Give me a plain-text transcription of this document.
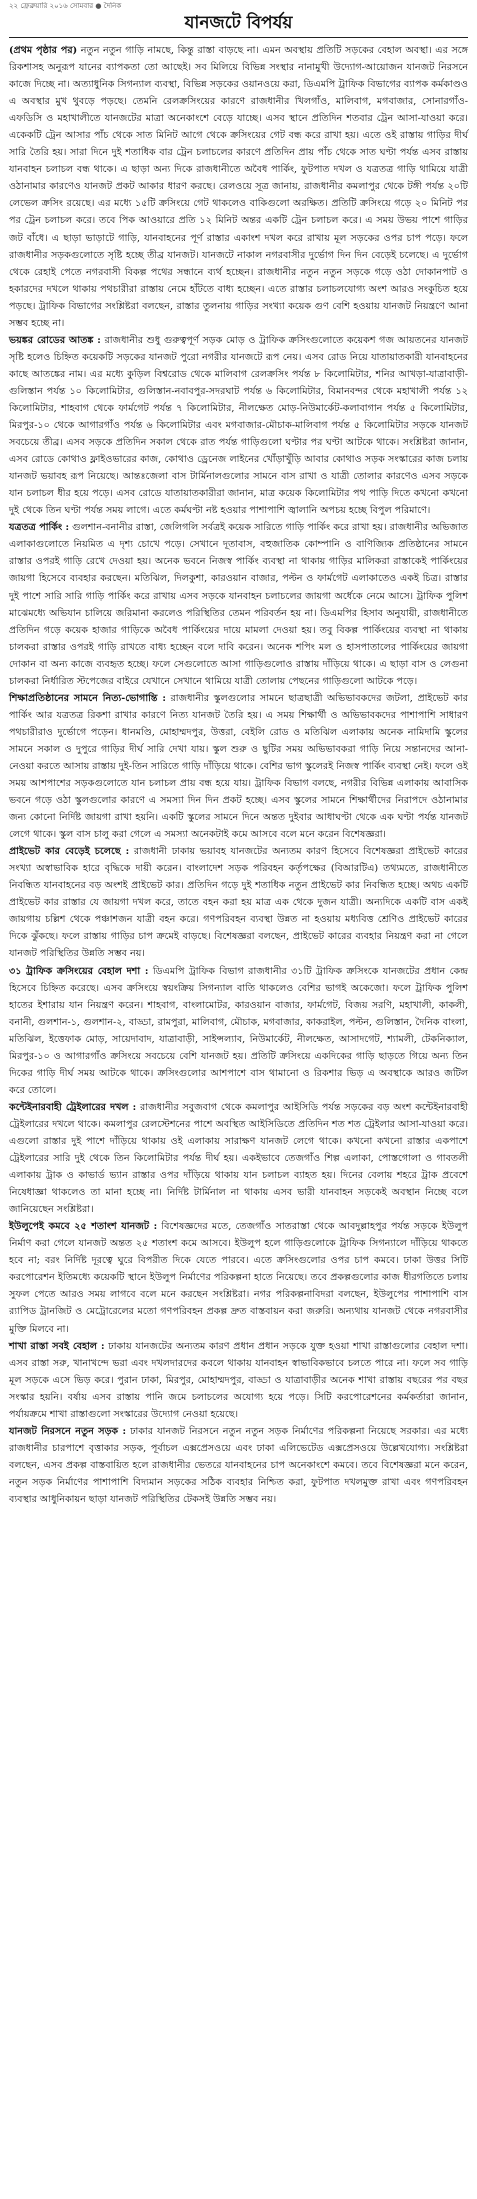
২২ ফ্রেব্রুয়ারি ২০১৬ সোমবার ● দৈনিক
যানজটে বিপর্যয়

(প্রথম পৃষ্ঠার পর) নতুন নতুন গাড়ি নামছে, কিন্তু রাস্তা বাড়ছে না। এমন অবস্থায় প্রতিটি সড়কের বেহাল অবস্থা। এর সঙ্গে রিকশাসহ অনুরূপ যানের ব্যাপকতা তো আছেই। সব মিলিয়ে বিভিন্ন সংস্থার নানামুখী উদ্যোগ-আয়োজন যানজট নিরসনে কাজে দিচ্ছে না। অত্যাধুনিক সিগন্যাল ব্যবস্থা, বিভিন্ন সড়কের ওয়ানওয়ে করা, ডিএমপি ট্রাফিক বিভাগের ব্যাপক কর্মকাণ্ডও এ অবস্থার মুখ থুবড়ে পড়ছে। তেমনি রেলক্রসিংয়ের কারণে রাজধানীর খিলগাঁও, মালিবাগ, মগবাজার, সোনারগাঁও-এফডিসি ও মহাখালীতে যানজটের মাত্রা অনেকাংশে বেড়ে যাচ্ছে। এসব স্থানে প্রতিদিন শতবার ট্রেন আসা-যাওয়া করে। একেকটি ট্রেন আসার পাঁচ থেকে সাত মিনিট আগে থেকে ক্রসিংয়ের গেট বন্ধ করে রাখা হয়। এতে ওই রাস্তায় গাড়ির দীর্ঘ সারি তৈরি হয়। সারা দিনে দুই শতাধিক বার ট্রেন চলাচলের কারণে প্রতিদিন প্রায় পাঁচ থেকে সাত ঘণ্টা পর্যন্ত এসব রাস্তায় যানবাহন চলাচল বন্ধ থাকে। এ ছাড়া অন্য দিকে রাজধানীতে অবৈধ পার্কিং, ফুটপাত দখল ও যত্রতত্র গাড়ি থামিয়ে যাত্রী ওঠানামার কারণেও যানজট প্রকট আকার ধারণ করছে। রেলওয়ে সূত্র জানায়, রাজধানীর কমলাপুর থেকে টঙ্গী পর্যন্ত ২০টি লেভেল ক্রসিং রয়েছে। এর মধ্যে ১৫টি ক্রসিংয়ে গেট থাকলেও বাকিগুলো অরক্ষিত। প্রতিটি ক্রসিংয়ে গড়ে ২০ মিনিট পর পর ট্রেন চলাচল করে। তবে পিক আওয়ারে প্রতি ১২ মিনিট অন্তর একটি ট্রেন চলাচল করে। এ সময় উভয় পাশে গাড়ির জট বাঁধে। এ ছাড়া ভাড়াটে গাড়ি, যানবাহনের পূর্ণ রাস্তার একাংশ দখল করে রাখায় মূল সড়কের ওপর চাপ পড়ে। ফলে রাজধানীর সড়কগুলোতে সৃষ্টি হচ্ছে তীব্র যানজট। যানজটে নাকাল নগরবাসীর দুর্ভোগ দিন দিন বেড়েই চলেছে। এ দুর্ভোগ থেকে রেহাই পেতে নগরবাসী বিকল্প পথের সন্ধানে ব্যর্থ হচ্ছেন। রাজধানীর নতুন নতুন সড়কে গড়ে ওঠা দোকানপাট ও হকারদের দখলে থাকায় পথচারীরা রাস্তায় নেমে হাঁটতে বাধ্য হচ্ছেন। এতে রাস্তার চলাচলযোগ্য অংশ আরও সংকুচিত হয়ে পড়ছে। ট্রাফিক বিভাগের সংশ্লিষ্টরা বলছেন, রাস্তার তুলনায় গাড়ির সংখ্যা কয়েক গুণ বেশি হওয়ায় যানজট নিয়ন্ত্রণে আনা সম্ভব হচ্ছে না।

ভয়ঙ্কর রোডের আতঙ্ক : রাজধানীর শুধু গুরুত্বপূর্ণ সড়ক মোড় ও ট্রাফিক ক্রসিংগুলোতে কয়েকশ গজ আয়তনের যানজট সৃষ্টি হলেও চিহ্নিত কয়েকটি সড়কের যানজট পুরো নগরীর যানজটে রূপ নেয়। এসব রোড নিয়ে যাতায়াতকারী যানবাহনের কাছে আতঙ্কের নাম। এর মধ্যে কুড়িল বিশ্বরোড থেকে মালিবাগ রেলক্রসিং পর্যন্ত ৮ কিলোমিটার, শনির আখড়া-যাত্রাবাড়ী-গুলিস্তান পর্যন্ত ১০ কিলোমিটার, গুলিস্তান-নবাবপুর-সদরঘাট পর্যন্ত ৬ কিলোমিটার, বিমানবন্দর থেকে মহাখালী পর্যন্ত ১২ কিলোমিটার, শাহবাগ থেকে ফার্মগেট পর্যন্ত ৭ কিলোমিটার, নীলক্ষেত মোড়-নিউমার্কেট-কলাবাগান পর্যন্ত ৫ কিলোমিটার, মিরপুর-১০ থেকে আগারগাঁও পর্যন্ত ৬ কিলোমিটার এবং মগবাজার-মৌচাক-মালিবাগ পর্যন্ত ৫ কিলোমিটার সড়কে যানজট সবচেয়ে তীব্র। এসব সড়কে প্রতিদিন সকাল থেকে রাত পর্যন্ত গাড়িগুলো ঘণ্টার পর ঘণ্টা আটকে থাকে। সংশ্লিষ্টরা জানান, এসব রোডে কোথাও ফ্লাইওভারের কাজ, কোথাও ড্রেনেজ লাইনের খোঁড়াখুঁড়ি আবার কোথাও সড়ক সংস্কারের কাজ চলায় যানজট ভয়াবহ রূপ নিয়েছে। আন্তঃজেলা বাস টার্মিনালগুলোর সামনে বাস রাখা ও যাত্রী তোলার কারণেও এসব সড়কে যান চলাচল ধীর হয়ে পড়ে। এসব রোডে যাতায়াতকারীরা জানান, মাত্র কয়েক কিলোমিটার পথ পাড়ি দিতে কখনো কখনো দুই থেকে তিন ঘণ্টা পর্যন্ত সময় লাগে। এতে কর্মঘণ্টা নষ্ট হওয়ার পাশাপাশি জ্বালানি অপচয় হচ্ছে বিপুল পরিমাণে।

যত্রতত্র পার্কিং : গুলশান-বনানীর রাস্তা, জেলিগলি সর্বত্রই কয়েক সারিতে গাড়ি পার্কিং করে রাখা হয়। রাজধানীর অভিজাত এলাকাগুলোতে নিয়মিত এ দৃশ্য চোখে পড়ে। সেখানে দূতাবাস, বহুজাতিক কোম্পানি ও বাণিজ্যিক প্রতিষ্ঠানের সামনে রাস্তার ওপরই গাড়ি রেখে দেওয়া হয়। অনেক ভবনে নিজস্ব পার্কিং ব্যবস্থা না থাকায় গাড়ির মালিকরা রাস্তাকেই পার্কিংয়ের জায়গা হিসেবে ব্যবহার করছেন। মতিঝিল, দিলকুশা, কারওয়ান বাজার, পল্টন ও ফার্মগেট এলাকাতেও একই চিত্র। রাস্তার দুই পাশে সারি সারি গাড়ি পার্কিং করে রাখায় এসব সড়কে যানবাহন চলাচলের জায়গা অর্ধেকে নেমে আসে। ট্রাফিক পুলিশ মাঝেমধ্যে অভিযান চালিয়ে জরিমানা করলেও পরিস্থিতির তেমন পরিবর্তন হয় না। ডিএমপির হিসাব অনুযায়ী, রাজধানীতে প্রতিদিন গড়ে কয়েক হাজার গাড়িকে অবৈধ পার্কিংয়ের দায়ে মামলা দেওয়া হয়। তবু বিকল্প পার্কিংয়ের ব্যবস্থা না থাকায় চালকরা রাস্তার ওপরই গাড়ি রাখতে বাধ্য হচ্ছেন বলে দাবি করেন। অনেক শপিং মল ও হাসপাতালের পার্কিংয়ের জায়গা দোকান বা অন্য কাজে ব্যবহৃত হচ্ছে। ফলে সেগুলোতে আসা গাড়িগুলোও রাস্তায় দাঁড়িয়ে থাকে। এ ছাড়া বাস ও লেগুনা চালকরা নির্ধারিত স্টপেজের বাইরে যেখানে সেখানে থামিয়ে যাত্রী তোলায় পেছনের গাড়িগুলো আটকে পড়ে।

শিক্ষাপ্রতিষ্ঠানের সামনে নিত্য-ভোগান্তি : রাজধানীর স্কুলগুলোর সামনে ছাত্রছাত্রী অভিভাবকদের জটলা, প্রাইভেট কার পার্কিং আর যত্রতত্র রিকশা রাখার কারণে নিত্য যানজট তৈরি হয়। এ সময় শিক্ষার্থী ও অভিভাবকদের পাশাপাশি সাধারণ পথচারীরাও দুর্ভোগে পড়েন। ধানমণ্ডি, মোহাম্মদপুর, উত্তরা, বেইলি রোড ও মতিঝিল এলাকায় অনেক নামিদামি স্কুলের সামনে সকাল ও দুপুরে গাড়ির দীর্ঘ সারি দেখা যায়। স্কুল শুরু ও ছুটির সময় অভিভাবকরা গাড়ি নিয়ে সন্তানদের আনা-নেওয়া করতে আসায় রাস্তায় দুই-তিন সারিতে গাড়ি দাঁড়িয়ে থাকে। বেশির ভাগ স্কুলেরই নিজস্ব পার্কিং ব্যবস্থা নেই। ফলে ওই সময় আশপাশের সড়কগুলোতে যান চলাচল প্রায় বন্ধ হয়ে যায়। ট্রাফিক বিভাগ বলছে, নগরীর বিভিন্ন এলাকায় আবাসিক ভবনে গড়ে ওঠা স্কুলগুলোর কারণে এ সমস্যা দিন দিন প্রকট হচ্ছে। এসব স্কুলের সামনে শিক্ষার্থীদের নিরাপদে ওঠানামার জন্য কোনো নির্দিষ্ট জায়গা রাখা হয়নি। একটি স্কুলের সামনে দিনে অন্তত দুইবার আধাঘণ্টা থেকে এক ঘণ্টা পর্যন্ত যানজট লেগে থাকে। স্কুল বাস চালু করা গেলে এ সমস্যা অনেকটাই কমে আসবে বলে মনে করেন বিশেষজ্ঞরা।

প্রাইভেট কার বেড়েই চলেছে : রাজধানী ঢাকায় ভয়াবহ যানজটের অন্যতম কারণ হিসেবে বিশেষজ্ঞরা প্রাইভেট কারের সংখ্যা অস্বাভাবিক হারে বৃদ্ধিকে দায়ী করেন। বাংলাদেশ সড়ক পরিবহন কর্তৃপক্ষের (বিআরটিএ) তথ্যমতে, রাজধানীতে নিবন্ধিত যানবাহনের বড় অংশই প্রাইভেট কার। প্রতিদিন গড়ে দুই শতাধিক নতুন প্রাইভেট কার নিবন্ধিত হচ্ছে। অথচ একটি প্রাইভেট কার রাস্তার যে জায়গা দখল করে, তাতে বহন করা হয় মাত্র এক থেকে দুজন যাত্রী। অন্যদিকে একটি বাস একই জায়গায় চল্লিশ থেকে পঞ্চাশজন যাত্রী বহন করে। গণপরিবহন ব্যবস্থা উন্নত না হওয়ায় মধ্যবিত্ত শ্রেণিও প্রাইভেট কারের দিকে ঝুঁকছে। ফলে রাস্তায় গাড়ির চাপ ক্রমেই বাড়ছে। বিশেষজ্ঞরা বলছেন, প্রাইভেট কারের ব্যবহার নিয়ন্ত্রণ করা না গেলে যানজট পরিস্থিতির উন্নতি সম্ভব নয়।

৩১ ট্রাফিক ক্রসিংয়ের বেহাল দশা : ডিএমপি ট্রাফিক বিভাগ রাজধানীর ৩১টি ট্রাফিক ক্রসিংকে যানজটের প্রধান কেন্দ্র হিসেবে চিহ্নিত করেছে। এসব ক্রসিংয়ে স্বয়ংক্রিয় সিগন্যাল বাতি থাকলেও বেশির ভাগই অকেজো। ফলে ট্রাফিক পুলিশ হাতের ইশারায় যান নিয়ন্ত্রণ করেন। শাহবাগ, বাংলামোটর, কারওয়ান বাজার, ফার্মগেট, বিজয় সরণি, মহাখালী, কাকলী, বনানী, গুলশান-১, গুলশান-২, বাড্ডা, রামপুরা, মালিবাগ, মৌচাক, মগবাজার, কাকরাইল, পল্টন, গুলিস্তান, দৈনিক বাংলা, মতিঝিল, ইত্তেফাক মোড়, সায়েদাবাদ, যাত্রাবাড়ী, সাইন্সল্যাব, নিউমার্কেট, নীলক্ষেত, আসাদগেট, শ্যামলী, টেকনিক্যাল, মিরপুর-১০ ও আগারগাঁও ক্রসিংয়ে সবচেয়ে বেশি যানজট হয়। প্রতিটি ক্রসিংয়ে একদিকের গাড়ি ছাড়তে গিয়ে অন্য তিন দিকের গাড়ি দীর্ঘ সময় আটকে থাকে। ক্রসিংগুলোর আশপাশে বাস থামানো ও রিকশার ভিড় এ অবস্থাকে আরও জটিল করে তোলে।

কন্টেইনারবাহী ট্রেইলারের দখল : রাজধানীর সবুজবাগ থেকে কমলাপুর আইসিডি পর্যন্ত সড়কের বড় অংশ কন্টেইনারবাহী ট্রেইলারের দখলে থাকে। কমলাপুর রেলস্টেশনের পাশে অবস্থিত আইসিডিতে প্রতিদিন শত শত ট্রেইলার আসা-যাওয়া করে। এগুলো রাস্তার দুই পাশে দাঁড়িয়ে থাকায় ওই এলাকায় সারাক্ষণ যানজট লেগে থাকে। কখনো কখনো রাস্তার একপাশে ট্রেইলারের সারি দুই থেকে তিন কিলোমিটার পর্যন্ত দীর্ঘ হয়। একইভাবে তেজগাঁও শিল্প এলাকা, পোস্তগোলা ও গাবতলী এলাকায় ট্রাক ও কাভার্ড ভ্যান রাস্তার ওপর দাঁড়িয়ে থাকায় যান চলাচল ব্যাহত হয়। দিনের বেলায় শহরে ট্রাক প্রবেশে নিষেধাজ্ঞা থাকলেও তা মানা হচ্ছে না। নির্দিষ্ট টার্মিনাল না থাকায় এসব ভারী যানবাহন সড়কেই অবস্থান নিচ্ছে বলে জানিয়েছেন সংশ্লিষ্টরা।

ইউলুপেই কমবে ২৫ শতাংশ যানজট : বিশেষজ্ঞদের মতে, তেজগাঁও সাতরাস্তা থেকে আবদুল্লাহপুর পর্যন্ত সড়কে ইউলুপ নির্মাণ করা গেলে যানজট অন্তত ২৫ শতাংশ কমে আসবে। ইউলুপ হলে গাড়িগুলোকে ট্রাফিক সিগন্যালে দাঁড়িয়ে থাকতে হবে না; বরং নির্দিষ্ট দূরত্বে ঘুরে বিপরীত দিকে যেতে পারবে। এতে ক্রসিংগুলোর ওপর চাপ কমবে। ঢাকা উত্তর সিটি করপোরেশন ইতিমধ্যে কয়েকটি স্থানে ইউলুপ নির্মাণের পরিকল্পনা হাতে নিয়েছে। তবে প্রকল্পগুলোর কাজ ধীরগতিতে চলায় সুফল পেতে আরও সময় লাগবে বলে মনে করছেন সংশ্লিষ্টরা। নগর পরিকল্পনাবিদরা বলছেন, ইউলুপের পাশাপাশি বাস র‌্যাপিড ট্রানজিট ও মেট্রোরেলের মতো গণপরিবহন প্রকল্প দ্রুত বাস্তবায়ন করা জরুরি। অন্যথায় যানজট থেকে নগরবাসীর মুক্তি মিলবে না।

শাখা রাস্তা সবই বেহাল : ঢাকায় যানজটের অন্যতম কারণ প্রধান প্রধান সড়কে যুক্ত হওয়া শাখা রাস্তাগুলোর বেহাল দশা। এসব রাস্তা সরু, খানাখন্দে ভরা এবং দখলদারদের কবলে থাকায় যানবাহন স্বাভাবিকভাবে চলতে পারে না। ফলে সব গাড়ি মূল সড়কে এসে ভিড় করে। পুরান ঢাকা, মিরপুর, মোহাম্মদপুর, বাড্ডা ও যাত্রাবাড়ীর অনেক শাখা রাস্তায় বছরের পর বছর সংস্কার হয়নি। বর্ষায় এসব রাস্তায় পানি জমে চলাচলের অযোগ্য হয়ে পড়ে। সিটি করপোরেশনের কর্মকর্তারা জানান, পর্যায়ক্রমে শাখা রাস্তাগুলো সংস্কারের উদ্যোগ নেওয়া হয়েছে।

যানজট নিরসনে নতুন সড়ক : ঢাকার যানজট নিরসনে নতুন নতুন সড়ক নির্মাণের পরিকল্পনা নিয়েছে সরকার। এর মধ্যে রাজধানীর চারপাশে বৃত্তাকার সড়ক, পূর্বাচল এক্সপ্রেসওয়ে এবং ঢাকা এলিভেটেড এক্সপ্রেসওয়ে উল্লেখযোগ্য। সংশ্লিষ্টরা বলছেন, এসব প্রকল্প বাস্তবায়িত হলে রাজধানীর ভেতরে যানবাহনের চাপ অনেকাংশে কমবে। তবে বিশেষজ্ঞরা মনে করেন, নতুন সড়ক নির্মাণের পাশাপাশি বিদ্যমান সড়কের সঠিক ব্যবহার নিশ্চিত করা, ফুটপাত দখলমুক্ত রাখা এবং গণপরিবহন ব্যবস্থার আধুনিকায়ন ছাড়া যানজট পরিস্থিতির টেকসই উন্নতি সম্ভব নয়।
